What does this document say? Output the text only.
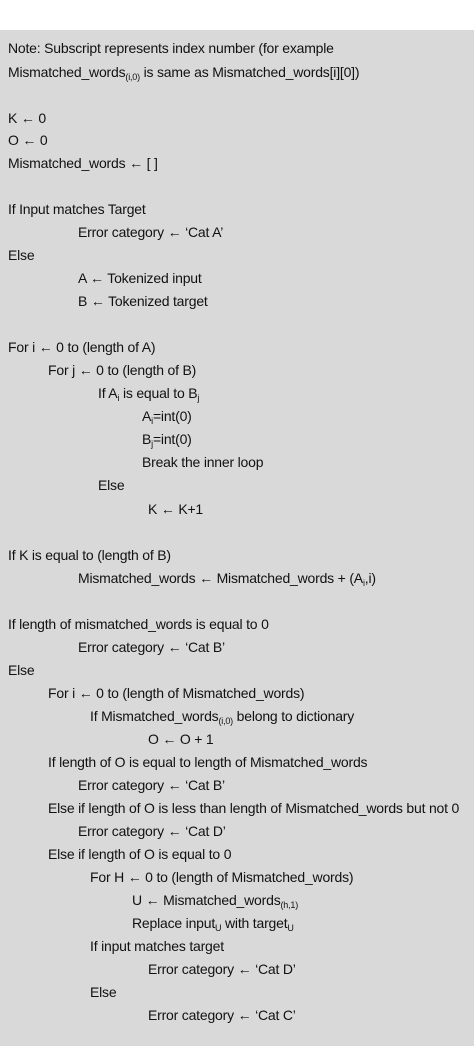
Note: Subscript represents index number (for example
Mismatched_words$_{(i,0)}$ is same as Mismatched_words[i][0])
K ← 0
O ← 0
Mismatched_words ← [ ]
If Input matches Target
Error category ← ‘Cat A’
Else
A ← Tokenized input
B ← Tokenized target
For i ← 0 to (length of A)
For j ← 0 to (length of B)
If $A_i$ is equal to $B_j$
$A_i=int(0)$
$B_j=int(0)$
Break the inner loop
Else
K ← K+1
If K is equal to (length of B)
Mismatched_words ← Mismatched_words + $(A_i,i)$
If length of mismatched_words is equal to 0
Error category ← ‘Cat B’
Else
For i ← 0 to (length of Mismatched_words)
If Mismatched_words$_{(i,0)}$ belong to dictionary
O ← O + 1
If length of O is equal to length of Mismatched_words
Error category ← ‘Cat B’
Else if length of O is less than length of Mismatched_words but not 0
Error category ← ‘Cat D’
Else if length of O is equal to 0
For H ← 0 to (length of Mismatched_words)
U ← Mismatched_words$_{(h,1)}$
Replace input$_U$ with target$_U$
If input matches target
Error category ← ‘Cat D’
Else
Error category ← ‘Cat C’
